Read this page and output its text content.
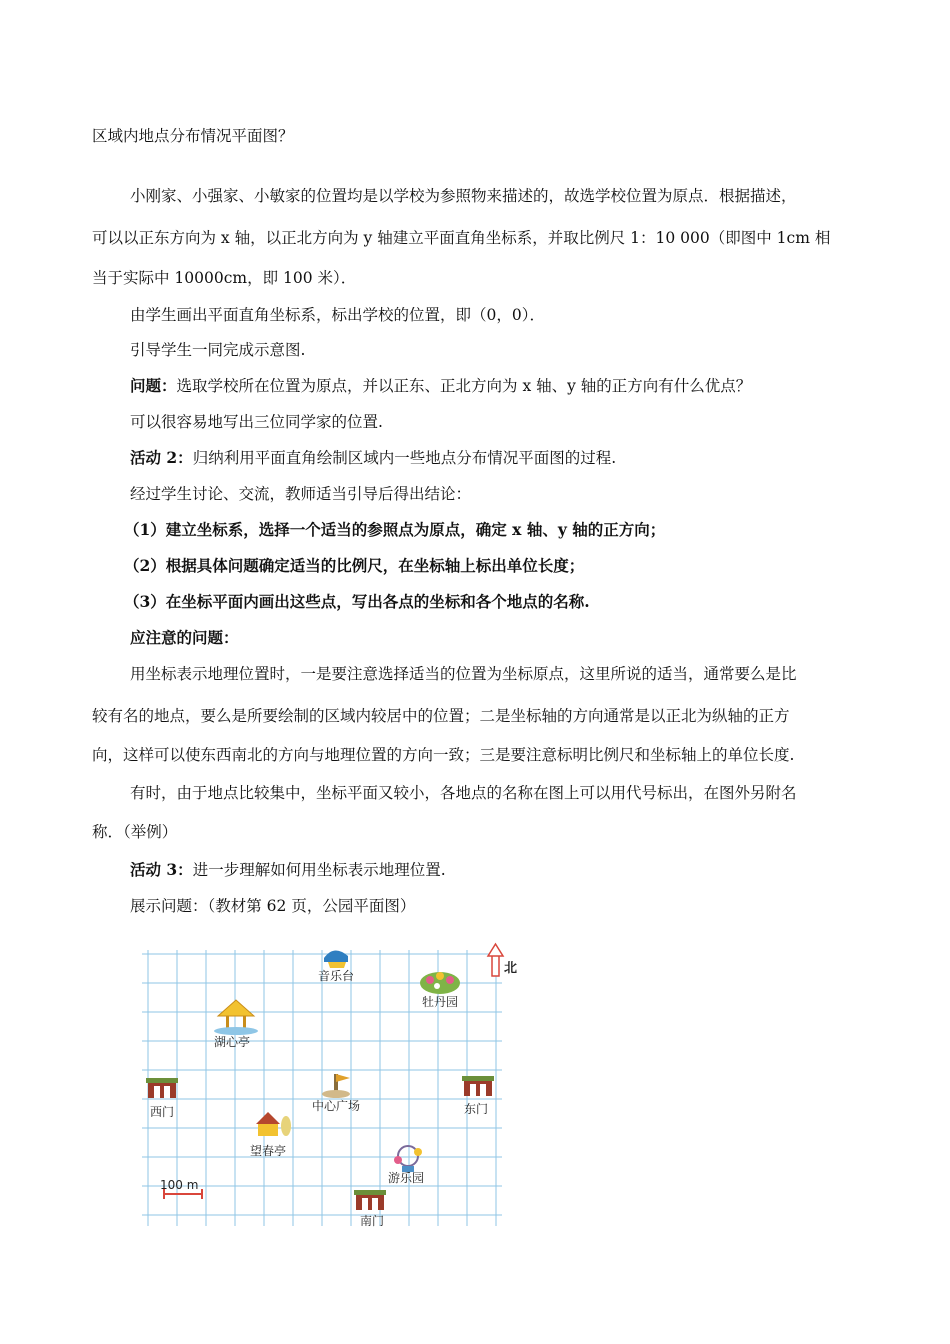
区域内地点分布情况平面图？
小刚家、小强家、小敏家的位置均是以学校为参照物来描述的，故选学校位置为原点．根据描述，
可以以正东方向为 x 轴，以正北方向为 y 轴建立平面直角坐标系，并取比例尺 1：10 000（即图中 1cm 相
当于实际中 10000cm，即 100 米）．
由学生画出平面直角坐标系，标出学校的位置，即（0，0）．
引导学生一同完成示意图.
问题：选取学校所在位置为原点，并以正东、正北方向为 x 轴、y 轴的正方向有什么优点？
可以很容易地写出三位同学家的位置.
活动 2：归纳利用平面直角绘制区域内一些地点分布情况平面图的过程.
经过学生讨论、交流，教师适当引导后得出结论：
（1）建立坐标系，选择一个适当的参照点为原点，确定 x 轴、y 轴的正方向；
（2）根据具体问题确定适当的比例尺，在坐标轴上标出单位长度；
（3）在坐标平面内画出这些点，写出各点的坐标和各个地点的名称.
应注意的问题：
用坐标表示地理位置时，一是要注意选择适当的位置为坐标原点，这里所说的适当，通常要么是比
较有名的地点，要么是所要绘制的区域内较居中的位置；二是坐标轴的方向通常是以正北为纵轴的正方
向，这样可以使东西南北的方向与地理位置的方向一致；三是要注意标明比例尺和坐标轴上的单位长度.
有时，由于地点比较集中，坐标平面又较小，各地点的名称在图上可以用代号标出，在图外另附名
称．（举例）
活动 3：进一步理解如何用坐标表示地理位置.
展示问题：（教材第 62 页，公园平面图）
北
音乐台
牡丹园
湖心亭
西门	中心广场	东门
望春亭
游乐园
100 m
南门
